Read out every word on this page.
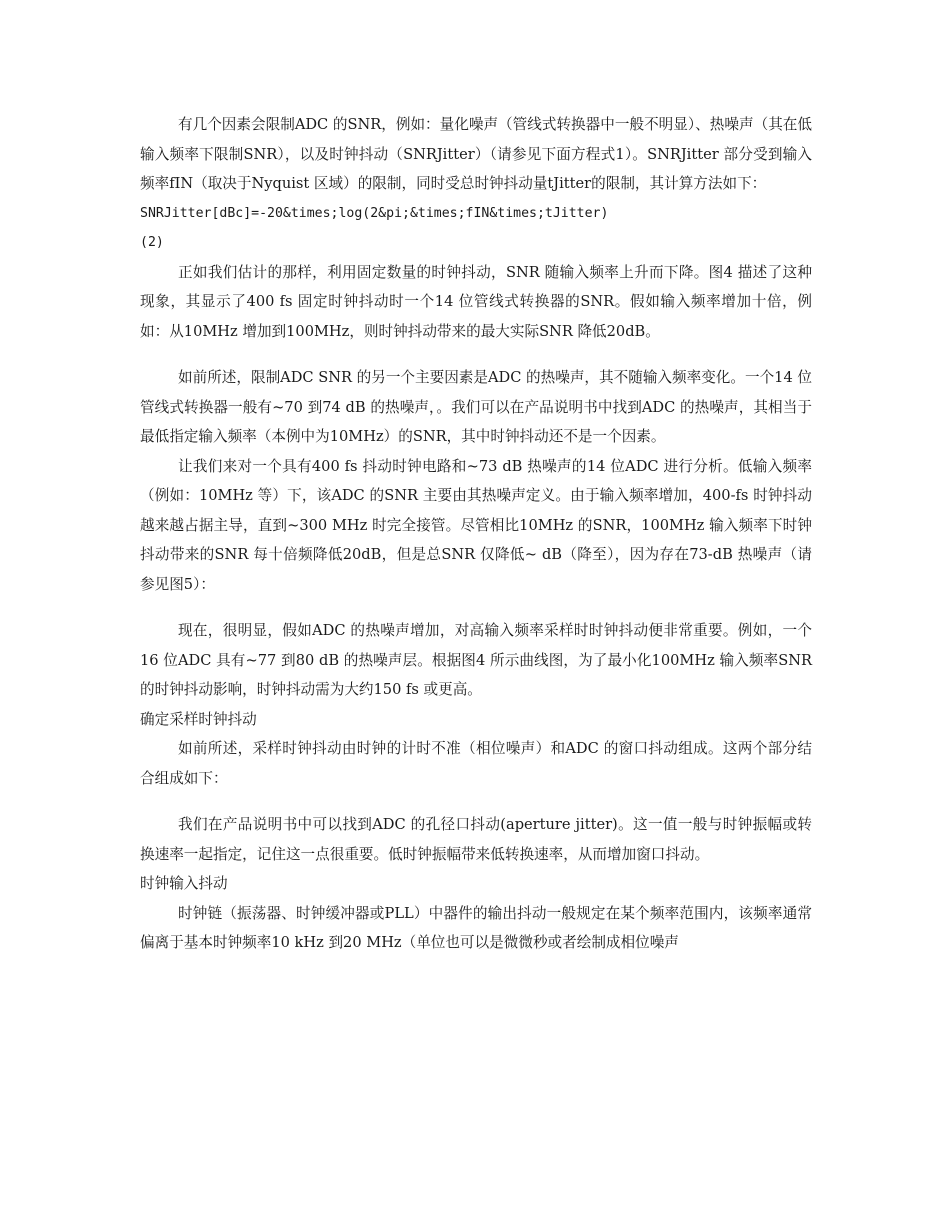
有几个因素会限制ADC 的SNR，例如：量化噪声（管线式转换器中一般不明显）、热噪声（其在低输入频率下限制SNR），以及时钟抖动（SNRJitter）（请参见下面方程式1）。SNRJitter 部分受到输入频率fIN（取决于Nyquist 区域）的限制，同时受总时钟抖动量tJitter的限制，其计算方法如下：

SNRJitter[dBc]=-20&times;log(2&pi;&times;fIN&times;tJitter)

(2)

正如我们估计的那样，利用固定数量的时钟抖动，SNR 随输入频率上升而下降。图4 描述了这种现象，其显示了400 fs 固定时钟抖动时一个14 位管线式转换器的SNR。假如输入频率增加十倍，例如：从10MHz 增加到100MHz，则时钟抖动带来的最大实际SNR 降低20dB。

如前所述，限制ADC SNR 的另一个主要因素是ADC 的热噪声，其不随输入频率变化。一个14 位管线式转换器一般有~70 到74 dB 的热噪声，。我们可以在产品说明书中找到ADC 的热噪声，其相当于最低指定输入频率（本例中为10MHz）的SNR，其中时钟抖动还不是一个因素。

让我们来对一个具有400 fs 抖动时钟电路和~73 dB 热噪声的14 位ADC 进行分析。低输入频率（例如：10MHz 等）下，该ADC 的SNR 主要由其热噪声定义。由于输入频率增加，400-fs 时钟抖动越来越占据主导，直到~300 MHz 时完全接管。尽管相比10MHz 的SNR，100MHz 输入频率下时钟抖动带来的SNR 每十倍频降低20dB，但是总SNR 仅降低~ dB（降至），因为存在73-dB 热噪声（请参见图5）：

现在，很明显，假如ADC 的热噪声增加，对高输入频率采样时时钟抖动便非常重要。例如，一个16 位ADC 具有~77 到80 dB 的热噪声层。根据图4 所示曲线图，为了最小化100MHz 输入频率SNR 的时钟抖动影响，时钟抖动需为大约150 fs 或更高。

确定采样时钟抖动

如前所述，采样时钟抖动由时钟的计时不准（相位噪声）和ADC 的窗口抖动组成。这两个部分结合组成如下：

我们在产品说明书中可以找到ADC 的孔径口抖动(aperture jitter)。这一值一般与时钟振幅或转换速率一起指定，记住这一点很重要。低时钟振幅带来低转换速率，从而增加窗口抖动。

时钟输入抖动

时钟链（振荡器、时钟缓冲器或PLL）中器件的输出抖动一般规定在某个频率范围内，该频率通常偏离于基本时钟频率10 kHz 到20 MHz（单位也可以是微微秒或者绘制成相位噪声
